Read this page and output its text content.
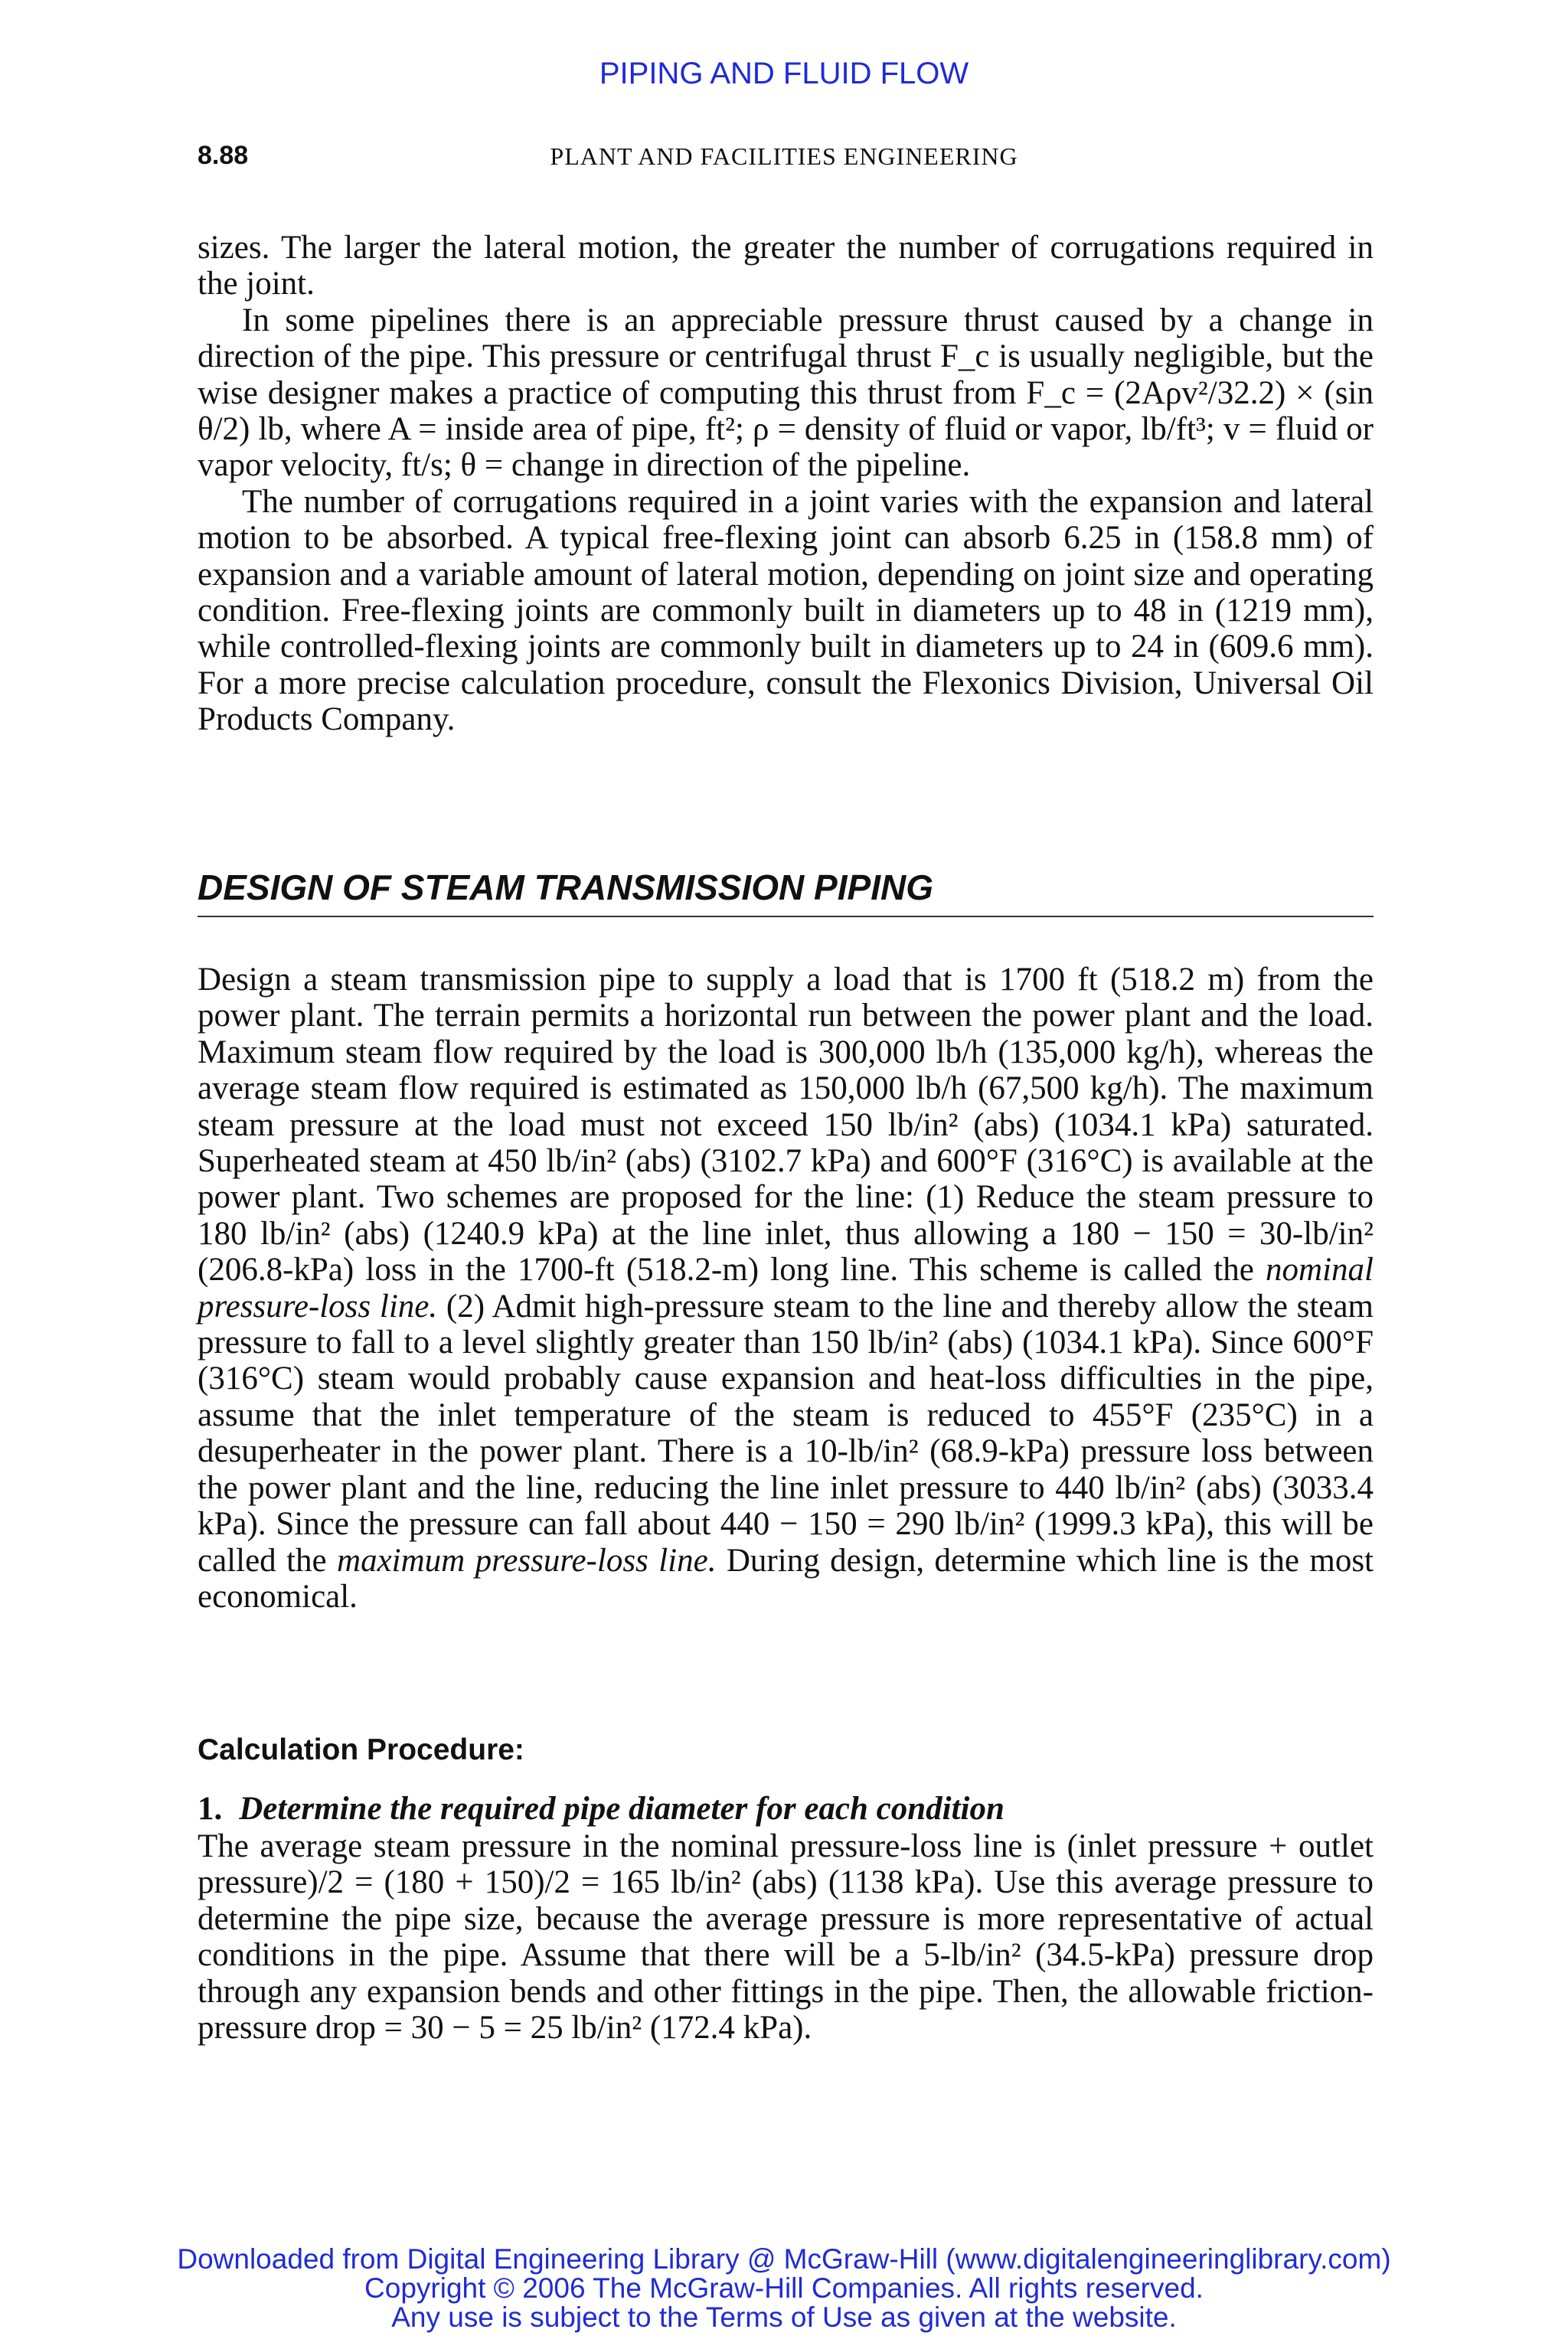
PIPING AND FLUID FLOW
8.88	PLANT AND FACILITIES ENGINEERING

sizes. The larger the lateral motion, the greater the number of corrugations required in the joint.

In some pipelines there is an appreciable pressure thrust caused by a change in direction of the pipe. This pressure or centrifugal thrust F_c is usually negligible, but the wise designer makes a practice of computing this thrust from F_c = (2Aρv²/32.2) × (sin θ/2) lb, where A = inside area of pipe, ft²; ρ = density of fluid or vapor, lb/ft³; v = fluid or vapor velocity, ft/s; θ = change in direction of the pipeline.

The number of corrugations required in a joint varies with the expansion and lateral motion to be absorbed. A typical free-flexing joint can absorb 6.25 in (158.8 mm) of expansion and a variable amount of lateral motion, depending on joint size and operating condition. Free-flexing joints are commonly built in diameters up to 48 in (1219 mm), while controlled-flexing joints are commonly built in diameters up to 24 in (609.6 mm). For a more precise calculation procedure, consult the Flexonics Division, Universal Oil Products Company.

DESIGN OF STEAM TRANSMISSION PIPING

Design a steam transmission pipe to supply a load that is 1700 ft (518.2 m) from the power plant. The terrain permits a horizontal run between the power plant and the load. Maximum steam flow required by the load is 300,000 lb/h (135,000 kg/h), whereas the average steam flow required is estimated as 150,000 lb/h (67,500 kg/h). The maximum steam pressure at the load must not exceed 150 lb/in² (abs) (1034.1 kPa) saturated. Superheated steam at 450 lb/in² (abs) (3102.7 kPa) and 600°F (316°C) is available at the power plant. Two schemes are proposed for the line: (1) Reduce the steam pressure to 180 lb/in² (abs) (1240.9 kPa) at the line inlet, thus allowing a 180 − 150 = 30-lb/in² (206.8-kPa) loss in the 1700-ft (518.2-m) long line. This scheme is called the nominal pressure-loss line. (2) Admit high-pressure steam to the line and thereby allow the steam pressure to fall to a level slightly greater than 150 lb/in² (abs) (1034.1 kPa). Since 600°F (316°C) steam would probably cause expansion and heat-loss difficulties in the pipe, assume that the inlet temperature of the steam is reduced to 455°F (235°C) in a desuperheater in the power plant. There is a 10-lb/in² (68.9-kPa) pressure loss between the power plant and the line, reducing the line inlet pressure to 440 lb/in² (abs) (3033.4 kPa). Since the pressure can fall about 440 − 150 = 290 lb/in² (1999.3 kPa), this will be called the maximum pressure-loss line. During design, determine which line is the most economical.

Calculation Procedure:
1. Determine the required pipe diameter for each condition

The average steam pressure in the nominal pressure-loss line is (inlet pressure + outlet pressure)/2 = (180 + 150)/2 = 165 lb/in² (abs) (1138 kPa). Use this average pressure to determine the pipe size, because the average pressure is more representative of actual conditions in the pipe. Assume that there will be a 5-lb/in² (34.5-kPa) pressure drop through any expansion bends and other fittings in the pipe. Then, the allowable friction-pressure drop = 30 − 5 = 25 lb/in² (172.4 kPa).

Downloaded from Digital Engineering Library @ McGraw-Hill (www.digitalengineeringlibrary.com)
Copyright © 2006 The McGraw-Hill Companies. All rights reserved.
Any use is subject to the Terms of Use as given at the website.
